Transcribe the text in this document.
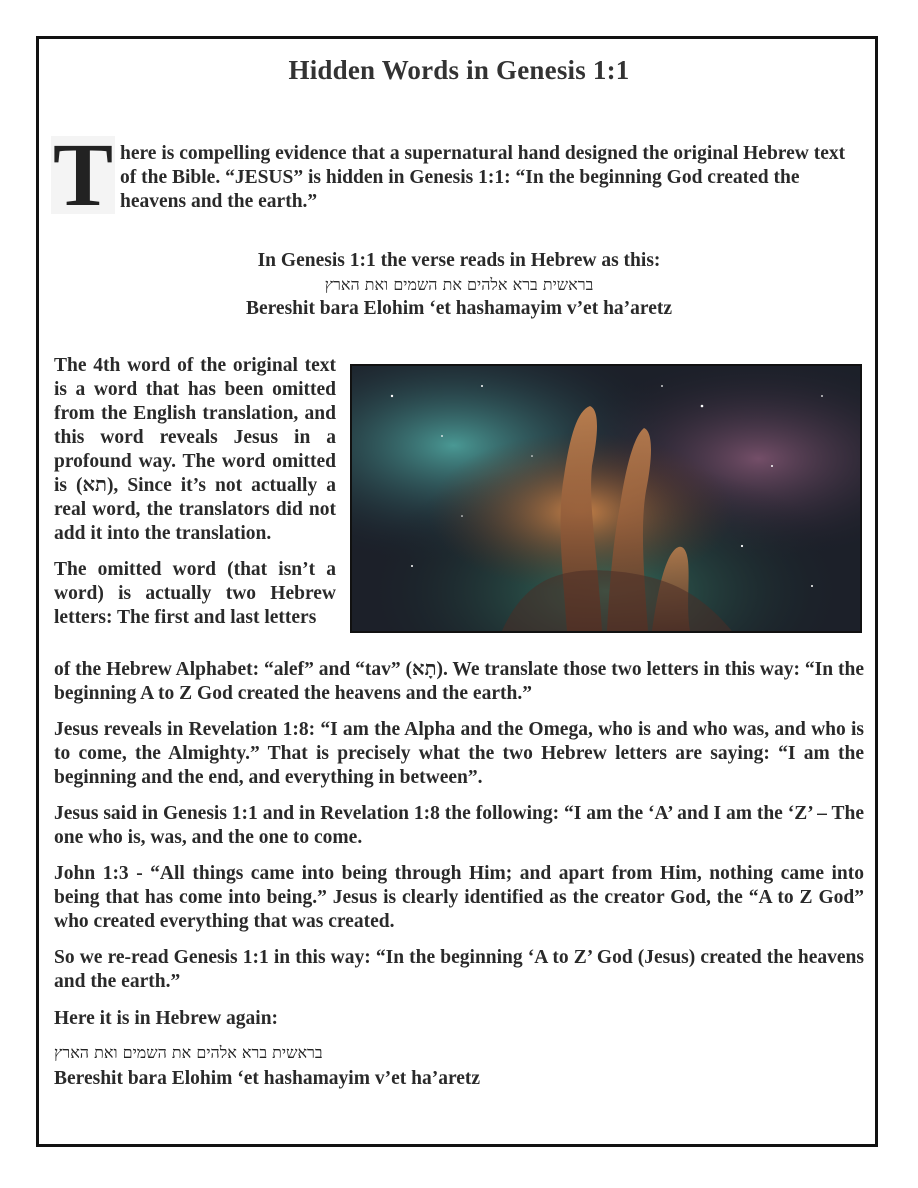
Hidden Words in Genesis 1:1
T here is compelling evidence that a supernatural hand designed the original Hebrew text of the Bible. “JESUS” is hidden in Genesis 1:1: “In the beginning God created the heavens and the earth.”
In Genesis 1:1 the verse reads in Hebrew as this:
בראשית ברא אלהים את השמים ואת הארץ
Bereshit bara Elohim ‘et hashamayim v’et ha’aretz

The 4th word of the original text is a word that has been omitted from the English translation, and this word reveals Jesus in a profound way. The word omitted is (תא), Since it’s not actually a real word, the translators did not add it into the translation.

The omitted word (that isn’t a word) is actually two Hebrew letters: The first and last letters

of the Hebrew Alphabet: “alef” and “tav” (תָא). We translate those two letters in this way: “In the beginning A to Z God created the heavens and the earth.”
Jesus reveals in Revelation 1:8: “I am the Alpha and the Omega, who is and who was, and who is to come, the Almighty.” That is precisely what the two Hebrew letters are saying: “I am the beginning and the end, and everything in between”.
Jesus said in Genesis 1:1 and in Revelation 1:8 the following: “I am the ‘A’ and I am the ‘Z’ – The one who is, was, and the one to come.
John 1:3 - “All things came into being through Him; and apart from Him, nothing came into being that has come into being.” Jesus is clearly identified as the creator God, the “A to Z God” who created everything that was created.
So we re-read Genesis 1:1 in this way: “In the beginning ‘A to Z’ God (Jesus) created the heavens and the earth.”
Here it is in Hebrew again:
בראשית ברא אלהים את השמים ואת הארץ
Bereshit bara Elohim ‘et hashamayim v’et ha’aretz
